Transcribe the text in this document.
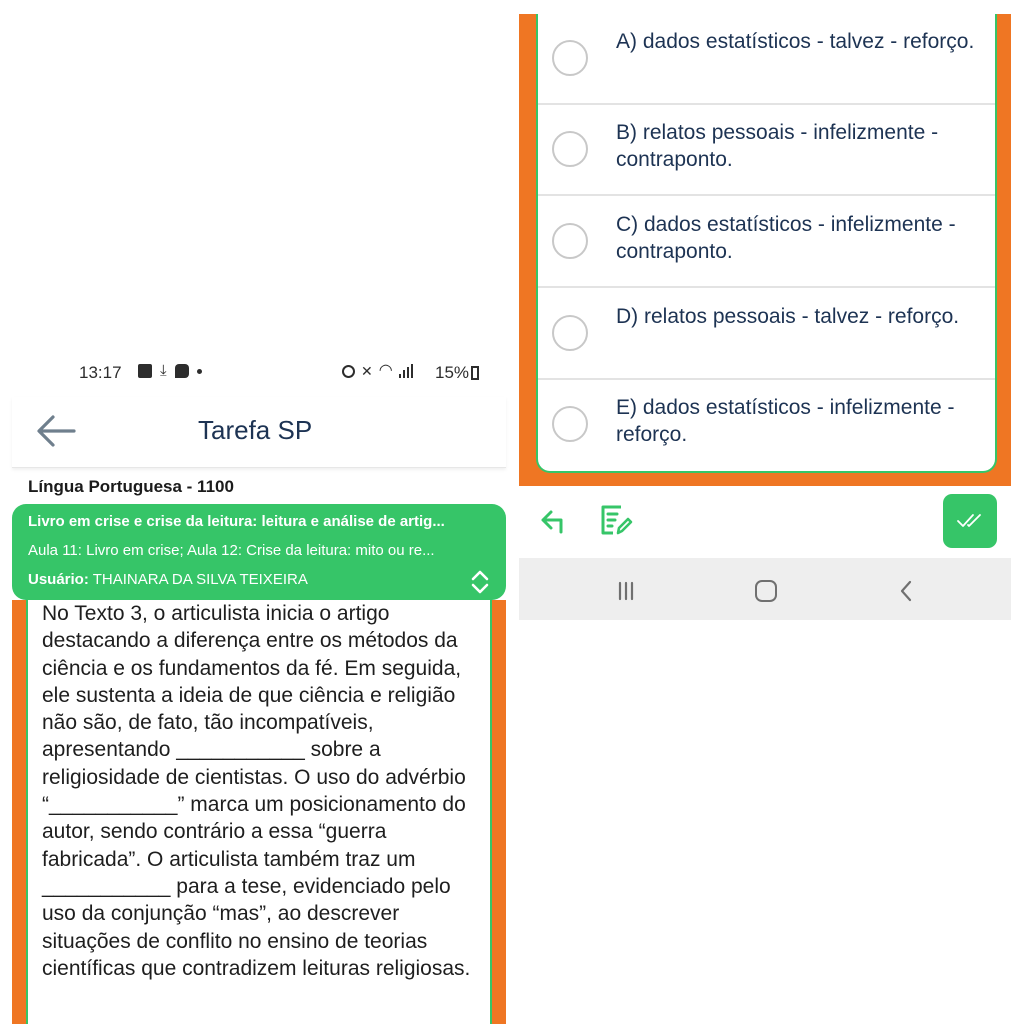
13:17	⤓	✕ ◠ 15%
Tarefa SP
Língua Portuguesa - 1100
Livro em crise e crise da leitura: leitura e análise de artig...
Aula 11: Livro em crise; Aula 12: Crise da leitura: mito ou re...
Usuário: THAINARA DA SILVA TEIXEIRA

No Texto 3, o articulista inicia o artigo destacando a diferença entre os métodos da ciência e os fundamentos da fé. Em seguida, ele sustenta a ideia de que ciência e religião não são, de fato, tão incompatíveis, apresentando ___________ sobre a religiosidade de cientistas. O uso do advérbio “___________” marca um posicionamento do autor, sendo contrário a essa “guerra fabricada”. O articulista também traz um ___________ para a tese, evidenciado pelo uso da conjunção “mas”, ao descrever situações de conflito no ensino de teorias científicas que contradizem leituras religiosas.

A) dados estatísticos - talvez - reforço.
B) relatos pessoais - infelizmente - contraponto.
C) dados estatísticos - infelizmente - contraponto.
D) relatos pessoais - talvez - reforço.
E) dados estatísticos - infelizmente - reforço.
